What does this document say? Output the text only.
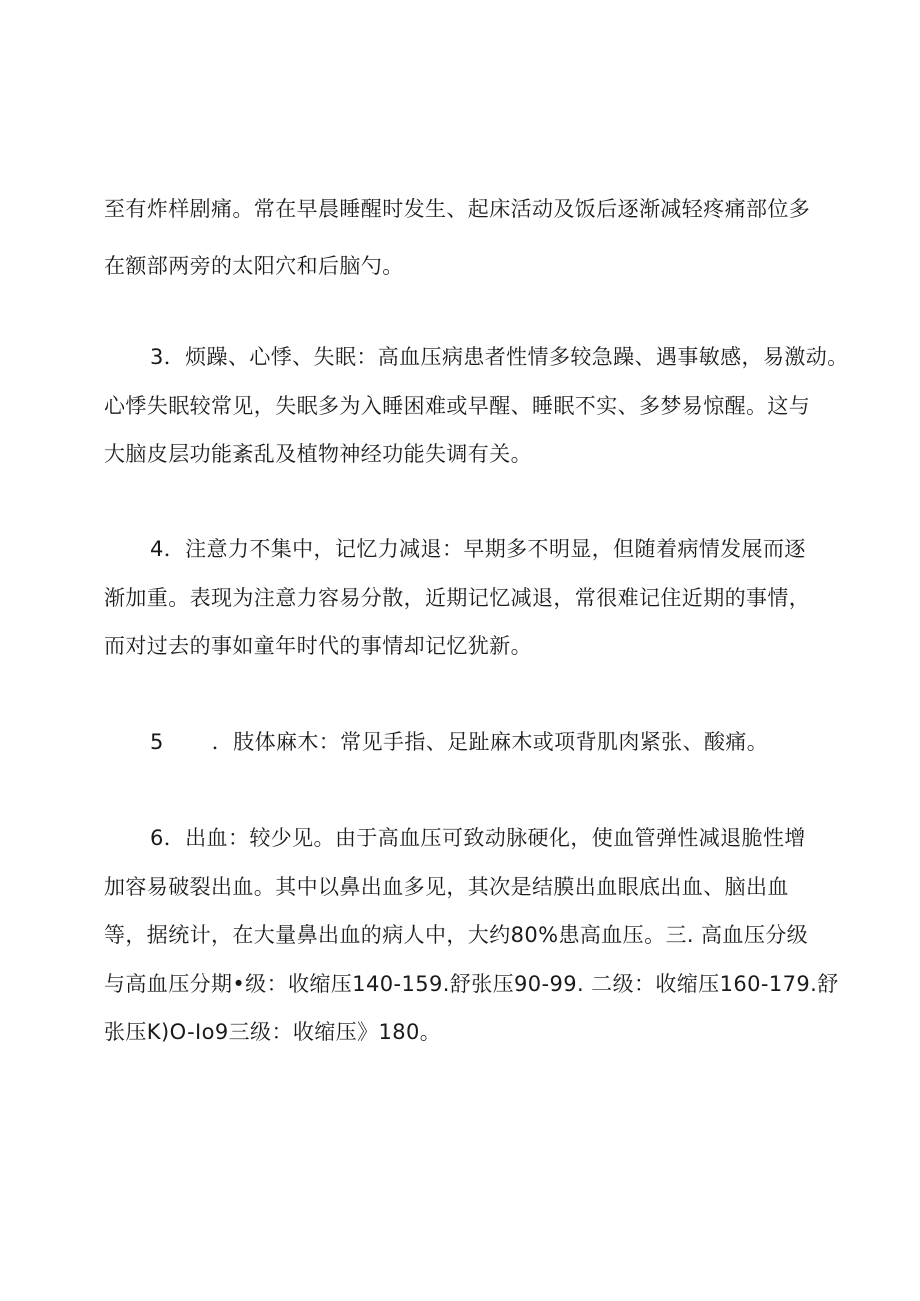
至有炸样剧痛。常在早晨睡醒时发生、起床活动及饭后逐渐减轻疼痛部位多
在额部两旁的太阳穴和后脑勺。
3．烦躁、心悸、失眠：高血压病患者性情多较急躁、遇事敏感，易激动。
心悸失眠较常见，失眠多为入睡困难或早醒、睡眠不实、多梦易惊醒。这与
大脑皮层功能紊乱及植物神经功能失调有关。
4．注意力不集中，记忆力减退：早期多不明显，但随着病情发展而逐
渐加重。表现为注意力容易分散，近期记忆减退，常很难记住近期的事情，
而对过去的事如童年时代的事情却记忆犹新。
5 ．肢体麻木：常见手指、足趾麻木或项背肌肉紧张、酸痛。
6．出血：较少见。由于高血压可致动脉硬化，使血管弹性减退脆性增
加容易破裂出血。其中以鼻出血多见，其次是结膜出血眼底出血、脑出血
等，据统计，在大量鼻出血的病人中，大约80%患高血压。三. 高血压分级
与高血压分期•级：收缩压140-159.舒张压90-99. 二级：收缩压160-179.舒
张压K)O-Io9三级：收缩压》180。
